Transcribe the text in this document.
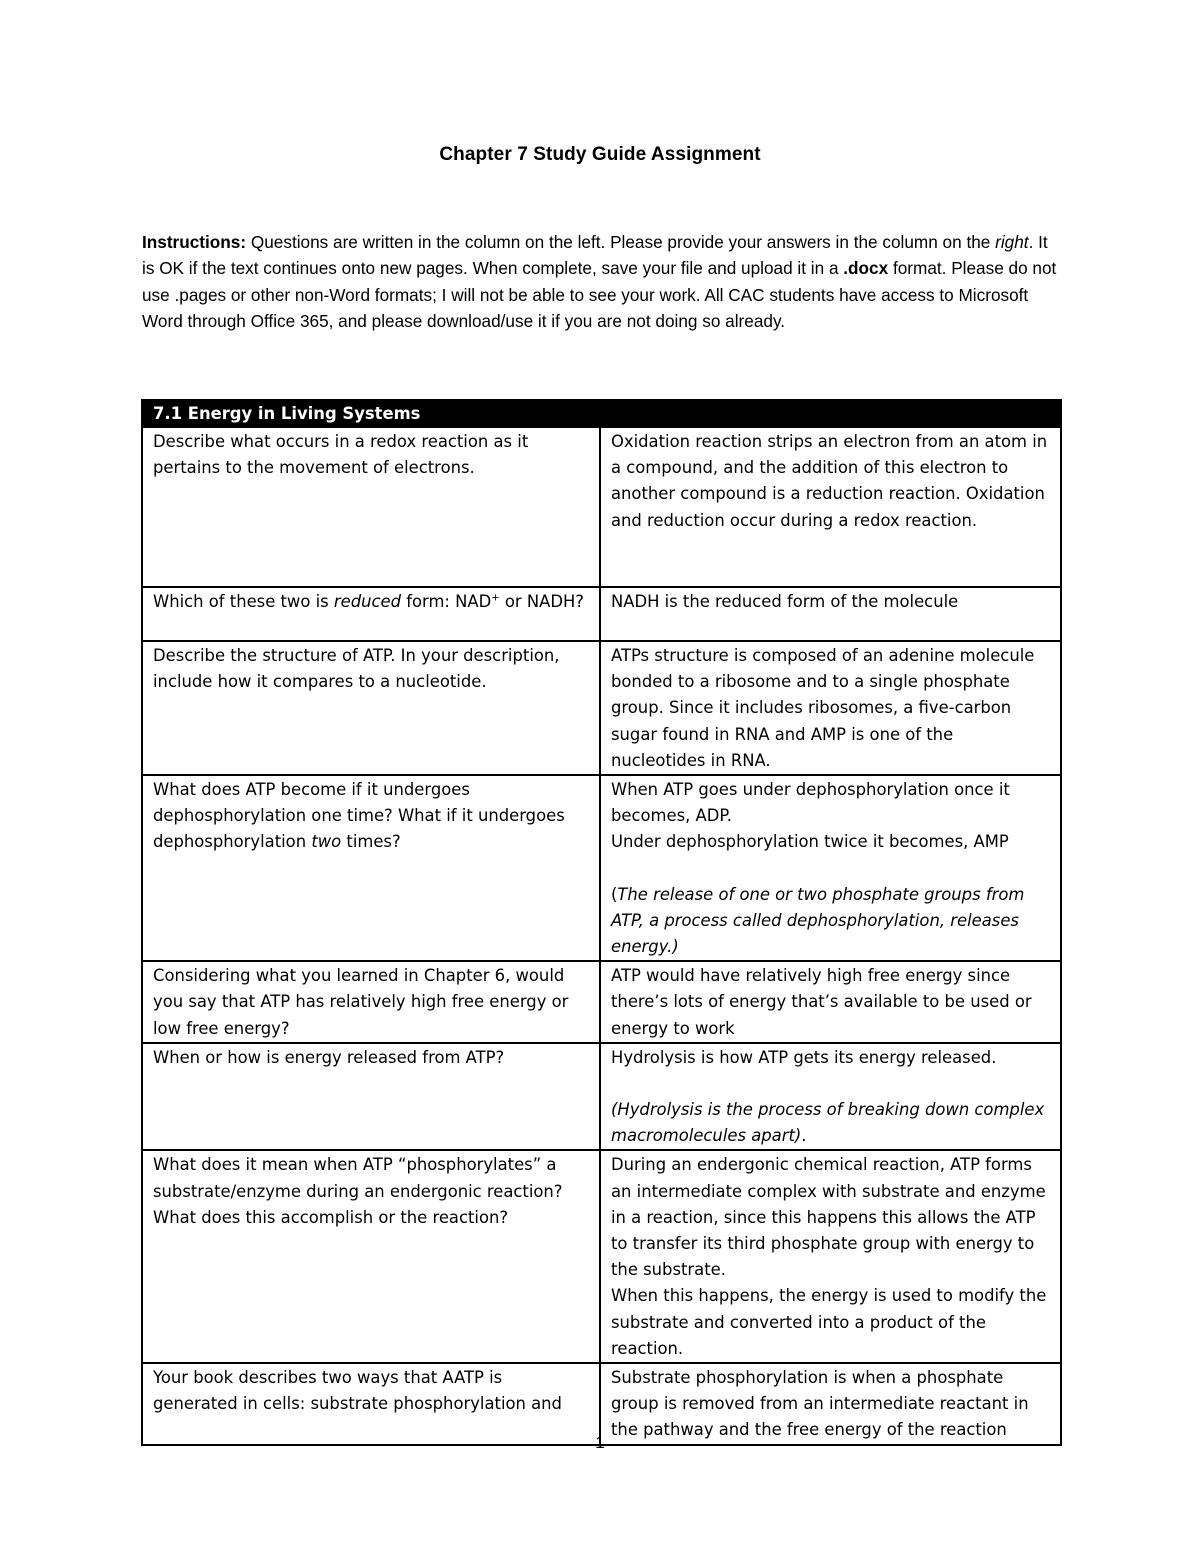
Chapter 7 Study Guide Assignment
Instructions: Questions are written in the column on the left. Please provide your answers in the column on the right. It is OK if the text continues onto new pages. When complete, save your file and upload it in a .docx format. Please do not use .pages or other non-Word formats; I will not be able to see your work. All CAC students have access to Microsoft Word through Office 365, and please download/use it if you are not doing so already.
7.1 Energy in Living Systems	
Describe what occurs in a redox reaction as it pertains to the movement of electrons.	Oxidation reaction strips an electron from an atom in a compound, and the addition of this electron to another compound is a reduction reaction. Oxidation and reduction occur during a redox reaction.
Which of these two is reduced form: NAD+ or NADH?	NADH is the reduced form of the molecule
Describe the structure of ATP. In your description, include how it compares to a nucleotide.	ATPs structure is composed of an adenine molecule bonded to a ribosome and to a single phosphate group. Since it includes ribosomes, a five-carbon sugar found in RNA and AMP is one of the nucleotides in RNA.
What does ATP become if it undergoes dephosphorylation one time? What if it undergoes dephosphorylation two times?	When ATP goes under dephosphorylation once it becomes, ADP.
Under dephosphorylation twice it becomes, AMP
(The release of one or two phosphate groups from ATP, a process called dephosphorylation, releases energy.)

Considering what you learned in Chapter 6, would you say that ATP has relatively high free energy or low free energy?	ATP would have relatively high free energy since there’s lots of energy that’s available to be used or energy to work
When or how is energy released from ATP?	Hydrolysis is how ATP gets its energy released.
(Hydrolysis is the process of breaking down complex macromolecules apart).

What does it mean when ATP “phosphorylates” a substrate/enzyme during an endergonic reaction? What does this accomplish or the reaction?	During an endergonic chemical reaction, ATP forms an intermediate complex with substrate and enzyme in a reaction, since this happens this allows the ATP to transfer its third phosphate group with energy to the substrate.
When this happens, the energy is used to modify the substrate and converted into a product of the reaction.

Your book describes two ways that AATP is generated in cells: substrate phosphorylation and	Substrate phosphorylation is when a phosphate group is removed from an intermediate reactant in the pathway and the free energy of the reaction
1
